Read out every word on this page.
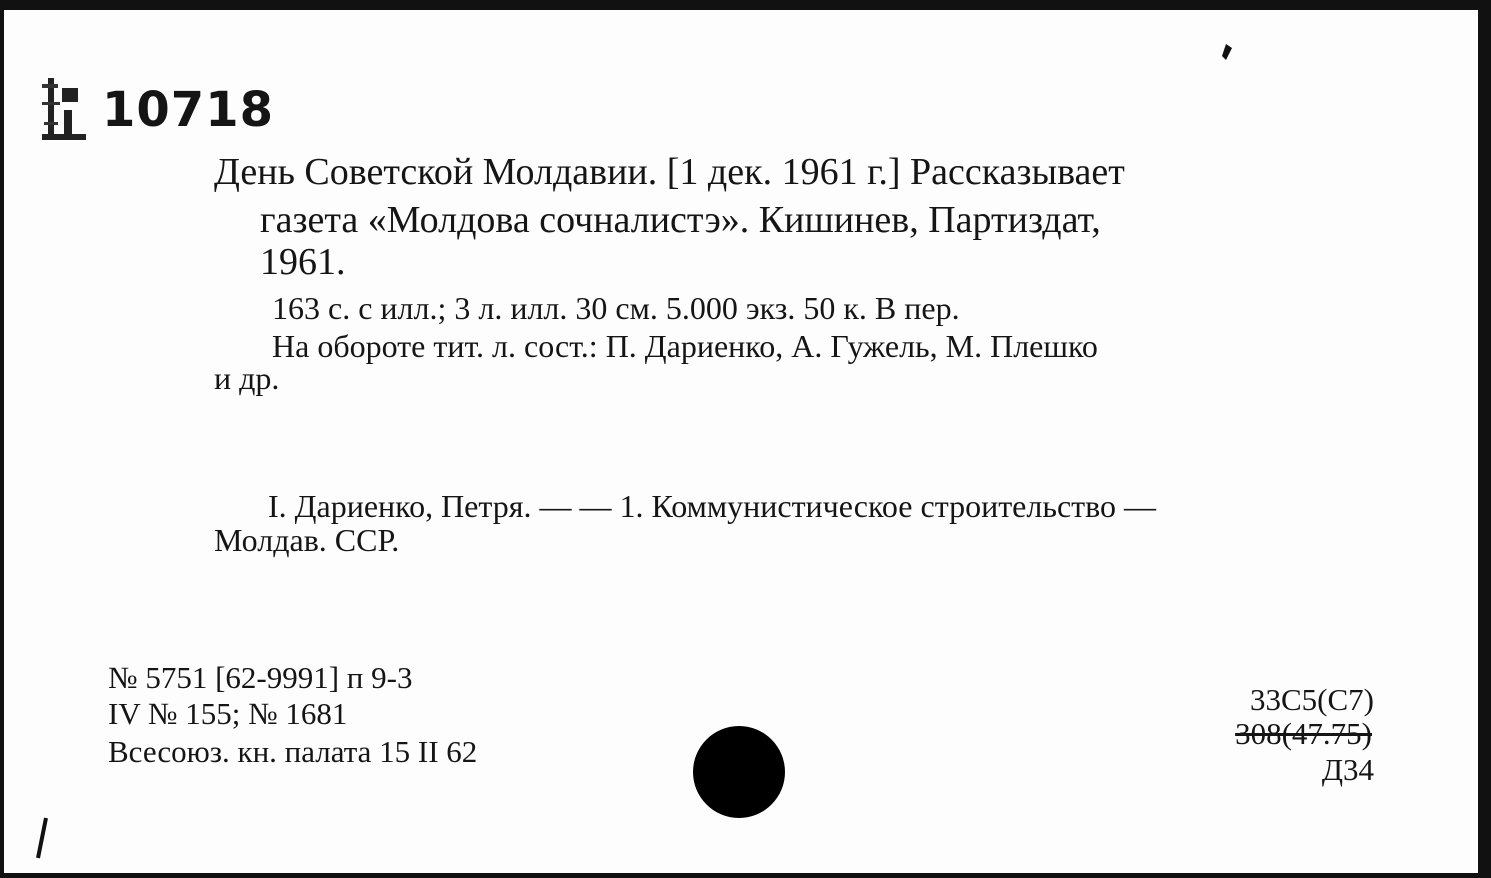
10718
День Советской Молдавии. [1 дек. 1961 г.] Рассказывает
газета «Молдова сочналистэ». Кишинев, Партиздат,
1961.
163 с. с илл.; 3 л. илл. 30 см. 5.000 экз. 50 к. В пер.
На обороте тит. л. сост.: П. Дариенко, А. Гужель, М. Плешко
и др.
I. Дариенко, Петря. — — 1. Коммунистическое строительство —
Молдав. ССР.
№ 5751 [62-9991] п 9-3
IV № 155; № 1681
Всесоюз. кн. палата 15 II 62
33С5(С7)
308(47.75)
Д34
